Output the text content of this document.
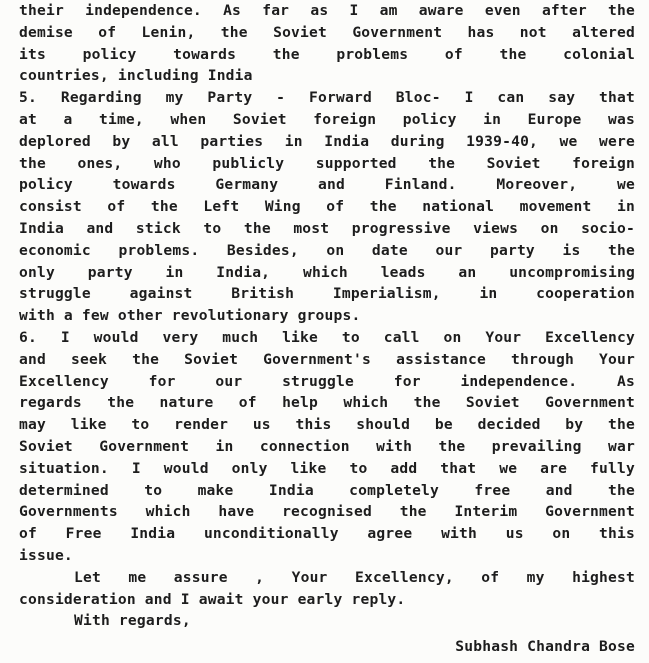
their independence. As far as I am aware even after the
demise of Lenin, the Soviet Government has not altered
its policy towards the problems of the colonial
countries, including India
5. Regarding my Party - Forward Bloc- I can say that
at a time, when Soviet foreign policy in Europe was
deplored by all parties in India during 1939-40, we were
the ones, who publicly supported the Soviet foreign
policy towards Germany and Finland. Moreover, we
consist of the Left Wing of the national movement in
India and stick to the most progressive views on socio-
economic problems. Besides, on date our party is the
only party in India, which leads an uncompromising
struggle against British Imperialism, in cooperation
with a few other revolutionary groups.
6. I would very much like to call on Your Excellency
and seek the Soviet Government's assistance through Your
Excellency for our struggle for independence. As
regards the nature of help which the Soviet Government
may like to render us this should be decided by the
Soviet Government in connection with the prevailing war
situation. I would only like to add that we are fully
determined to make India completely free and the
Governments which have recognised the Interim Government
of Free India unconditionally agree with us on this
issue.
Let me assure , Your Excellency, of my highest
consideration and I await your early reply.
With regards,
Subhash Chandra Bose
